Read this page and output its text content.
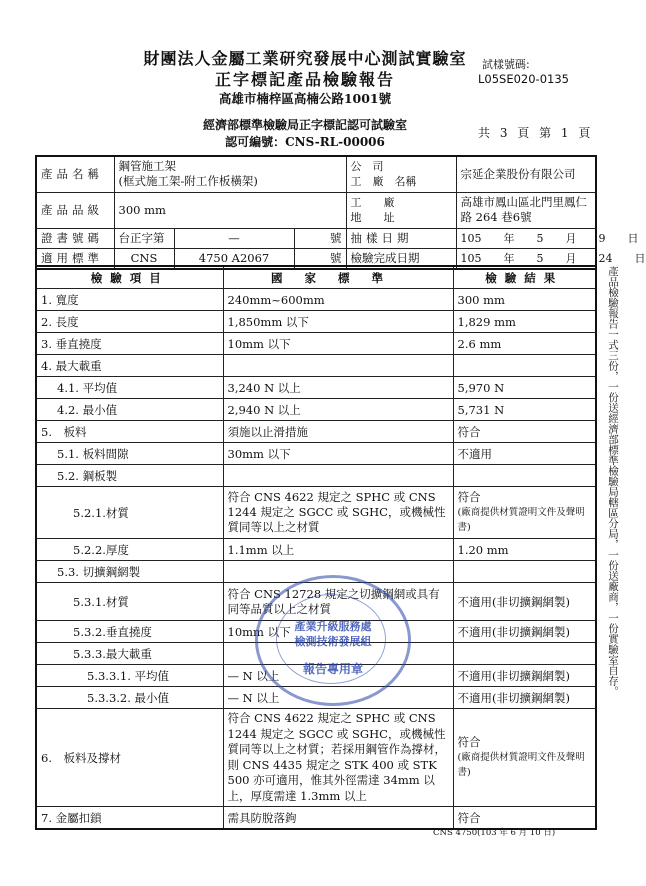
財團法人金屬工業研究發展中心測試實驗室
正字標記產品檢驗報告
高雄市楠梓區高楠公路1001號
經濟部標準檢驗局正字標記認可試驗室
認可編號：CNS-RL-00006
試樣號碼:
L05SE020-0135
共 3 頁 第 1 頁
產品名稱	鋼管施工架
(框式施工架-附工作板橫架)			公　司
工　廠　名稱	宗延企業股份有限公司
產品品級	300 mm			工　　廠
地　　址	高雄市鳳山區北門里鳳仁路 264 巷6號
證書號碼	台正字第	—	號	抽樣日期	105　　年　　5　　月　　9　　日
適用標準	CNS	4750 A2067	號	檢驗完成日期	105　　年　　5　　月　　24　　日
檢驗項目	國家標準	檢驗結果
1. 寬度	240mm~600mm	300 mm
2. 長度	1,850mm 以下	1,829 mm
3. 垂直撓度	10mm 以下	2.6 mm
4. 最大載重		
4.1. 平均值	3,240 N 以上	5,970 N
4.2. 最小值	2,940 N 以上	5,731 N
5.　板料	須施以止滑措施	符合
5.1. 板料間隙	30mm 以下	不適用
5.2. 鋼板製		
5.2.1.材質	符合 CNS 4622 規定之 SPHC 或 CNS 1244 規定之 SGCC 或 SGHC，或機械性質同等以上之材質	符合
(廠商提供材質證明文件及聲明書)

5.2.2.厚度	1.1mm 以上	1.20 mm
5.3. 切擴鋼網製		
5.3.1.材質	符合 CNS 12728 規定之切擴鋼網或具有同等品質以上之材質	不適用(非切擴鋼網製)
5.3.2.垂直撓度	10mm 以下	不適用(非切擴鋼網製)
5.3.3.最大載重		
5.3.3.1. 平均值	— N 以上	不適用(非切擴鋼網製)
5.3.3.2. 最小值	— N 以上	不適用(非切擴鋼網製)
6.　板料及撐材	符合 CNS 4622 規定之 SPHC 或 CNS 1244 規定之 SGCC 或 SGHC，或機械性質同等以上之材質；若採用鋼管作為撐材，則 CNS 4435 規定之 STK 400 或 STK 500 亦可適用，惟其外徑需達 34mm 以上，厚度需達 1.3mm 以上	符合
(廠商提供材質證明文件及聲明書)

7. 金屬扣鎖	需具防脫落鉤	符合
產業升級服務處
檢測技術發展組
報告專用章	產品檢驗報告一式三份，一份送經濟部標準檢驗局轄區分局，一份送廠商，一份實驗室自存。
CNS 4750(103 年 6 月 10 日)
